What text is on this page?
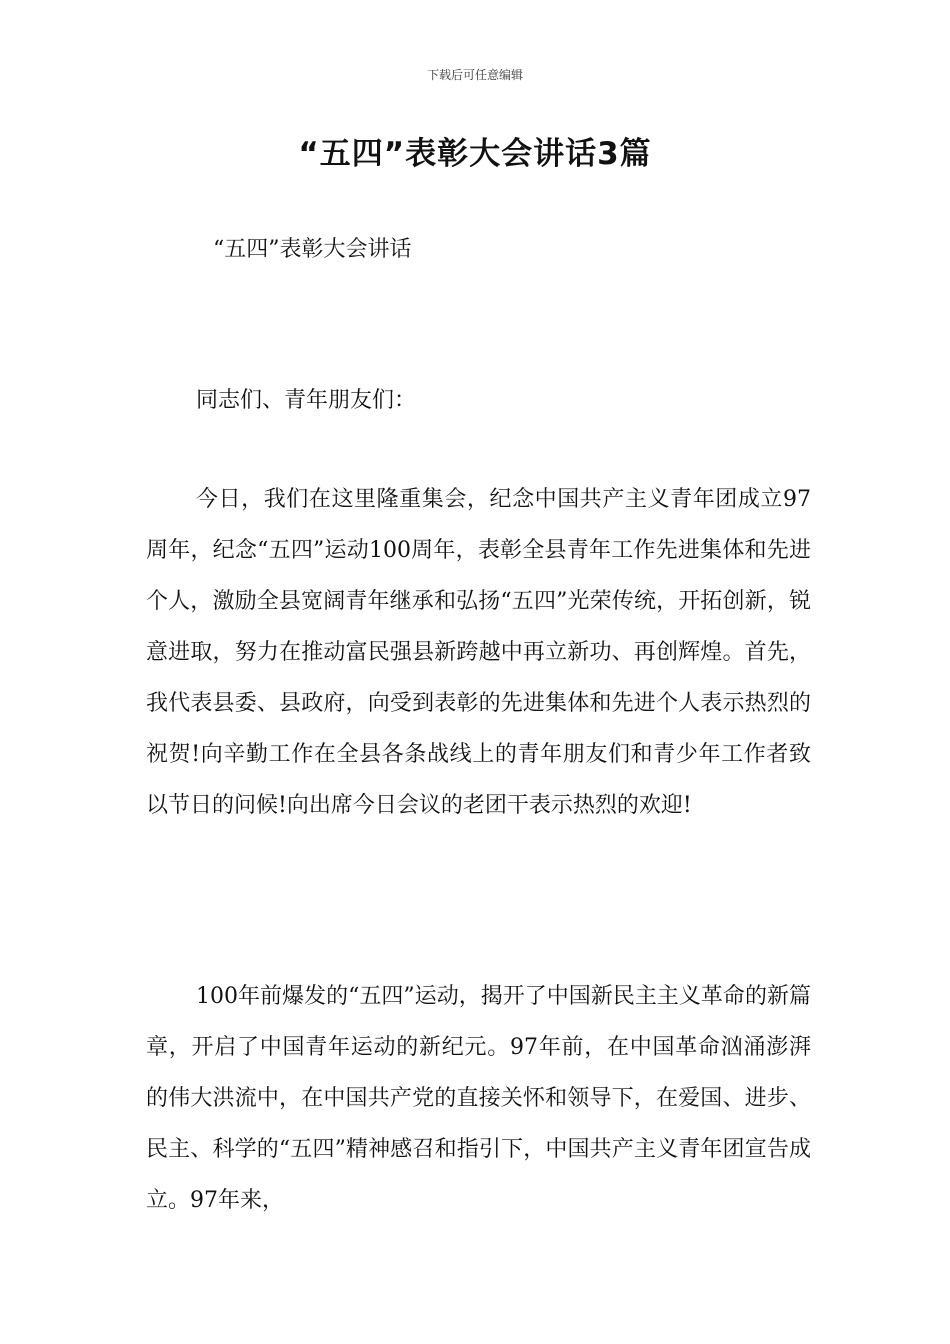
下载后可任意编辑
“五四”表彰大会讲话3篇
“五四”表彰大会讲话
同志们、青年朋友们：

今日，我们在这里隆重集会，纪念中国共产主义青年团成立97周年，纪念“五四”运动100周年，表彰全县青年工作先进集体和先进个人，激励全县宽阔青年继承和弘扬“五四”光荣传统，开拓创新，锐意进取，努力在推动富民强县新跨越中再立新功、再创辉煌。首先，我代表县委、县政府，向受到表彰的先进集体和先进个人表示热烈的祝贺!向辛勤工作在全县各条战线上的青年朋友们和青少年工作者致以节日的问候!向出席今日会议的老团干表示热烈的欢迎!

100年前爆发的“五四”运动，揭开了中国新民主主义革命的新篇章，开启了中国青年运动的新纪元。97年前，在中国革命汹涌澎湃的伟大洪流中，在中国共产党的直接关怀和领导下，在爱国、进步、民主、科学的“五四”精神感召和指引下，中国共产主义青年团宣告成立。97年来，
